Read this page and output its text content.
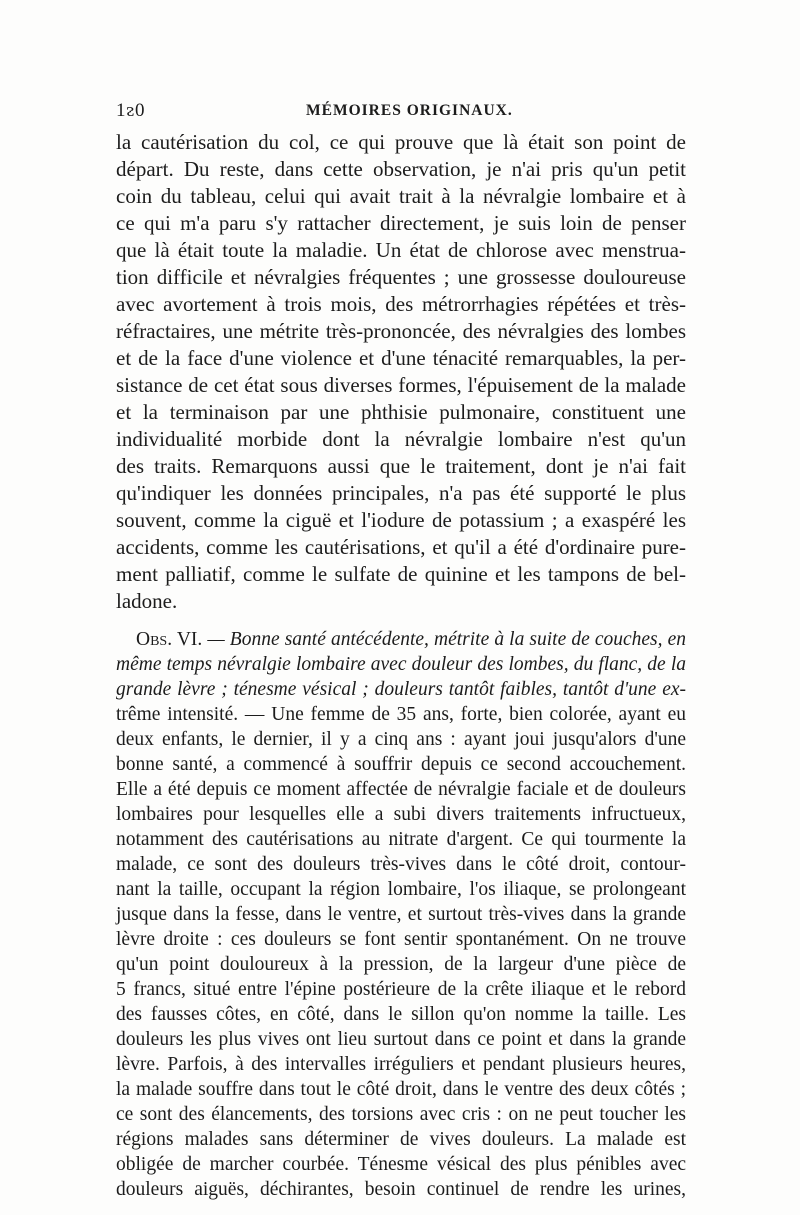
1ᴤ0	MÉMOIRES ORIGINAUX.
la cautérisation du col, ce qui prouve que là était son point de
départ. Du reste, dans cette observation, je n'ai pris qu'un petit
coin du tableau, celui qui avait trait à la névralgie lombaire et à
ce qui m'a paru s'y rattacher directement, je suis loin de penser
que là était toute la maladie. Un état de chlorose avec menstrua-
tion difficile et névralgies fréquentes ; une grossesse douloureuse
avec avortement à trois mois, des métrorrhagies répétées et très-
réfractaires, une métrite très-prononcée, des névralgies des lombes
et de la face d'une violence et d'une ténacité remarquables, la per-
sistance de cet état sous diverses formes, l'épuisement de la malade
et la terminaison par une phthisie pulmonaire, constituent une
individualité morbide dont la névralgie lombaire n'est qu'un
des traits. Remarquons aussi que le traitement, dont je n'ai fait
qu'indiquer les données principales, n'a pas été supporté le plus
souvent, comme la ciguë et l'iodure de potassium ; a exaspéré les
accidents, comme les cautérisations, et qu'il a été d'ordinaire pure-
ment palliatif, comme le sulfate de quinine et les tampons de bel-
ladone.
Obs. VI. — Bonne santé antécédente, métrite à la suite de couches, en
même temps névralgie lombaire avec douleur des lombes, du flanc, de la
grande lèvre ; ténesme vésical ; douleurs tantôt faibles, tantôt d'une ex-
trême intensité. — Une femme de 35 ans, forte, bien colorée, ayant eu
deux enfants, le dernier, il y a cinq ans : ayant joui jusqu'alors d'une
bonne santé, a commencé à souffrir depuis ce second accouchement.
Elle a été depuis ce moment affectée de névralgie faciale et de douleurs
lombaires pour lesquelles elle a subi divers traitements infructueux,
notamment des cautérisations au nitrate d'argent. Ce qui tourmente la
malade, ce sont des douleurs très-vives dans le côté droit, contour-
nant la taille, occupant la région lombaire, l'os iliaque, se prolongeant
jusque dans la fesse, dans le ventre, et surtout très-vives dans la grande
lèvre droite : ces douleurs se font sentir spontanément. On ne trouve
qu'un point douloureux à la pression, de la largeur d'une pièce de
5 francs, situé entre l'épine postérieure de la crête iliaque et le rebord
des fausses côtes, en côté, dans le sillon qu'on nomme la taille. Les
douleurs les plus vives ont lieu surtout dans ce point et dans la grande
lèvre. Parfois, à des intervalles irréguliers et pendant plusieurs heures,
la malade souffre dans tout le côté droit, dans le ventre des deux côtés ;
ce sont des élancements, des torsions avec cris : on ne peut toucher les
régions malades sans déterminer de vives douleurs. La malade est
obligée de marcher courbée. Ténesme vésical des plus pénibles avec
douleurs aiguës, déchirantes, besoin continuel de rendre les urines,
